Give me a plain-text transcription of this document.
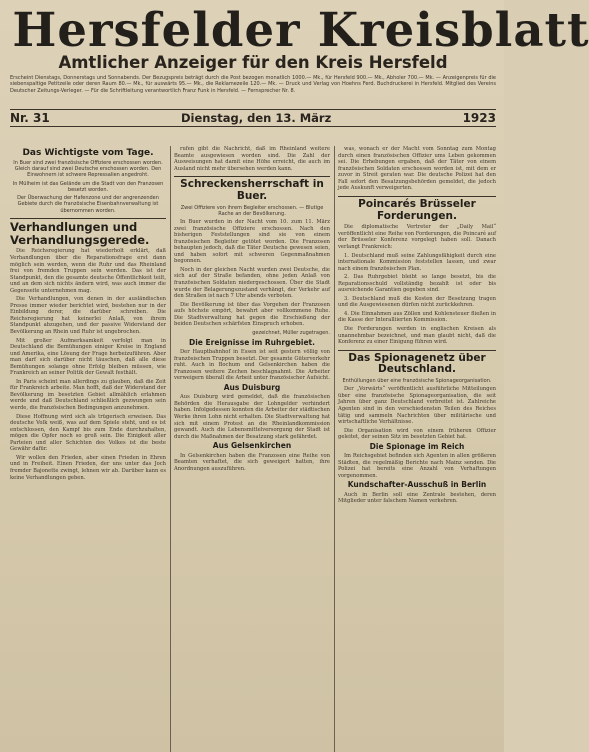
Hersfelder Kreisblatt
Amtlicher Anzeiger für den Kreis Hersfeld
Erscheint Dienstags, Donnerstags und Sonnabends. Der Bezugspreis beträgt durch die Post bezogen monatlich 1000.— Mk., für Hersfeld 900.— Mk., Abholer 700.— Mk. — Anzeigenpreis für die siebenspaltige Petitzeile oder deren Raum 80.— Mk., für auswärts 95.— Mk., die Reklamezeile 120.— Mk. — Druck und Verlag von Hoehns Ferd. Buchdruckerei in Hersfeld. Mitglied des Vereins Deutscher Zeitungs-Verleger. — Für die Schriftleitung verantwortlich Franz Funk in Hersfeld. — Fernsprecher Nr. 8.
Nr. 31	Dienstag, den 13. März	1923
Das Wichtigste vom Tage.

In Buer sind zwei französische Offiziere erschossen worden. Gleich darauf sind zwei Deutsche erschossen worden. Den Einwohnern ist schwere Repressalien angedroht.

In Mülheim ist das Gelände um die Stadt von den Franzosen besetzt worden.

Der Überwachung der Hafenzone und der angrenzenden Gebiete durch die französische Eisenbahnverwaltung ist übernommen worden.

Verhandlungen und Verhandlungsgerede.

Die Reichsregierung hat wiederholt erklärt, daß Verhandlungen über die Reparationsfrage erst dann möglich sein werden, wenn die Ruhr und das Rheinland frei von fremden Truppen sein werden. Das ist der Standpunkt, den die gesamte deutsche Öffentlichkeit teilt, und an dem sich nichts ändern wird, was auch immer die Gegenseite unternehmen mag.

Die Verhandlungen, von denen in der ausländischen Presse immer wieder berichtet wird, bestehen nur in der Einbildung derer, die darüber schreiben. Die Reichsregierung hat keinerlei Anlaß, von ihrem Standpunkt abzugehen, und der passive Widerstand der Bevölkerung an Rhein und Ruhr ist ungebrochen.

Mit großer Aufmerksamkeit verfolgt man in Deutschland die Bemühungen einiger Kreise in England und Amerika, eine Lösung der Frage herbeizuführen. Aber man darf sich darüber nicht täuschen, daß alle diese Bemühungen solange ohne Erfolg bleiben müssen, wie Frankreich an seiner Politik der Gewalt festhält.

In Paris scheint man allerdings zu glauben, daß die Zeit für Frankreich arbeite. Man hofft, daß der Widerstand der Bevölkerung im besetzten Gebiet allmählich erlahmen werde und daß Deutschland schließlich gezwungen sein werde, die französischen Bedingungen anzunehmen.

Diese Hoffnung wird sich als trügerisch erweisen. Das deutsche Volk weiß, was auf dem Spiele steht, und es ist entschlossen, den Kampf bis zum Ende durchzuhalten, mögen die Opfer noch so groß sein. Die Einigkeit aller Parteien und aller Schichten des Volkes ist die beste Gewähr dafür.

Wir wollen den Frieden, aber einen Frieden in Ehren und in Freiheit. Einen Frieden, der uns unter das Joch fremder Bajonette zwingt, lehnen wir ab. Darüber kann es keine Verhandlungen geben.

rufen gibt die Nachricht, daß im Rheinland weitere Beamte ausgewiesen worden sind. Die Zahl der Ausweisungen hat damit eine Höhe erreicht, die auch im Ausland nicht mehr übersehen werden kann.

Schreckensherrschaft in Buer.

Zwei Offiziere von ihrem Begleiter erschossen. — Blutige Rache an der Bevölkerung.

In Buer wurden in der Nacht vom 10. zum 11. März zwei französische Offiziere erschossen. Nach den bisherigen Feststellungen sind sie von einem französischen Begleiter getötet worden. Die Franzosen behaupten jedoch, daß die Täter Deutsche gewesen seien, und haben sofort mit schweren Gegenmaßnahmen begonnen.

Noch in der gleichen Nacht wurden zwei Deutsche, die sich auf der Straße befanden, ohne jeden Anlaß von französischen Soldaten niedergeschossen. Über die Stadt wurde der Belagerungszustand verhängt, der Verkehr auf den Straßen ist nach 7 Uhr abends verboten.

Die Bevölkerung ist über das Vorgehen der Franzosen aufs höchste empört, bewahrt aber vollkommene Ruhe. Die Stadtverwaltung hat gegen die Erschießung der beiden Deutschen schärfsten Einspruch erhoben.

gezeichnet, Müller zugetragen.
Die Ereignisse im Ruhrgebiet.

Der Hauptbahnhof in Essen ist seit gestern völlig von französischen Truppen besetzt. Der gesamte Güterverkehr ruht. Auch in Bochum und Gelsenkirchen haben die Franzosen weitere Zechen beschlagnahmt. Die Arbeiter verweigern überall die Arbeit unter französischer Aufsicht.

Aus Duisburg

Aus Duisburg wird gemeldet, daß die französischen Behörden die Herausgabe der Lohngelder verhindert haben. Infolgedessen konnten die Arbeiter der städtischen Werke ihren Lohn nicht erhalten. Die Stadtverwaltung hat sich mit einem Protest an die Rheinlandkommission gewandt. Auch die Lebensmittelversorgung der Stadt ist durch die Maßnahmen der Besatzung stark gefährdet.

Aus Gelsenkirchen

In Gelsenkirchen haben die Franzosen eine Reihe von Beamten verhaftet, die sich geweigert hatten, ihre Anordnungen auszuführen.

was, wonach er der Macht vom Sonntag zum Montag durch einen französischen Offizier ums Leben gekommen sei. Die Erhebungen ergaben, daß der Täter von einem französischen Soldaten erschossen worden ist, mit dem er zuvor in Streit geraten war. Die deutsche Polizei hat den Fall sofort den Besatzungsbehörden gemeldet, die jedoch jede Auskunft verweigerten.

Poincarés Brüsseler Forderungen.

Die diplomatische Vertreter der „Daily Mail“ veröffentlicht eine Reihe von Forderungen, die Poincaré auf der Brüsseler Konferenz vorgelegt haben soll. Danach verlangt Frankreich:

1. Deutschland muß seine Zahlungsfähigkeit durch eine internationale Kommission feststellen lassen, und zwar nach einem französischen Plan.

2. Das Ruhrgebiet bleibt so lange besetzt, bis die Reparationsschuld vollständig bezahlt ist oder bis ausreichende Garantien gegeben sind.

3. Deutschland muß die Kosten der Besetzung tragen und die Ausgewiesenen dürfen nicht zurückkehren.

4. Die Einnahmen aus Zöllen und Kohlensteuer fließen in die Kasse der Interalliierten Kommission.

Die Forderungen werden in englischen Kreisen als unannehmbar bezeichnet, und man glaubt nicht, daß die Konferenz zu einer Einigung führen wird.

Das Spionagenetz über Deutschland.

Enthüllungen über eine französische Spionageorganisation.

Der „Vorwärts“ veröffentlicht ausführliche Mitteilungen über eine französische Spionageorganisation, die seit Jahren über ganz Deutschland verbreitet ist. Zahlreiche Agenten sind in den verschiedensten Teilen des Reiches tätig und sammeln Nachrichten über militärische und wirtschaftliche Verhältnisse.

Die Organisation wird von einem früheren Offizier geleitet, der seinen Sitz im besetzten Gebiet hat.

Die Spionage im Reich

Im Reichsgebiet befinden sich Agenten in allen größeren Städten, die regelmäßig Berichte nach Mainz senden. Die Polizei hat bereits eine Anzahl von Verhaftungen vorgenommen.

Kundschafter-Ausschuß in Berlin

Auch in Berlin soll eine Zentrale bestehen, deren Mitglieder unter falschem Namen verkehren.
